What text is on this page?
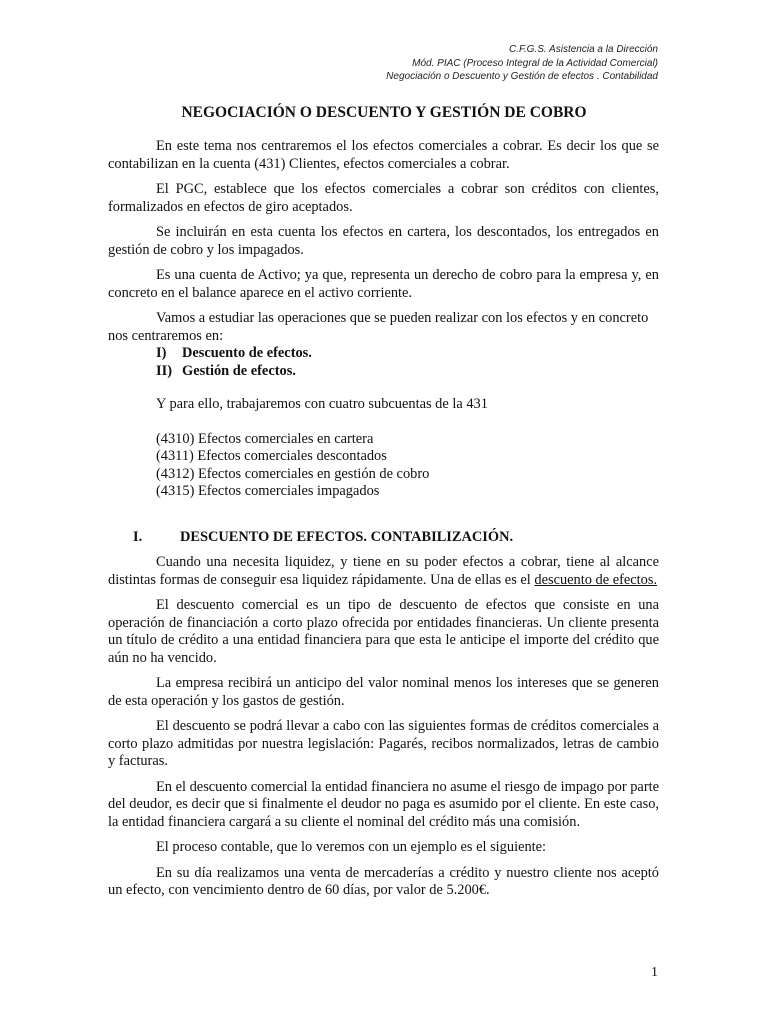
C.F.G.S. Asistencia a la Dirección
Mód. PIAC (Proceso Integral de la Actividad Comercial)
Negociación o Descuento y Gestión de efectos . Contabilidad
NEGOCIACIÓN O DESCUENTO Y GESTIÓN DE COBRO

En este tema nos centraremos el los efectos comerciales a cobrar. Es decir los que se contabilizan en la cuenta (431) Clientes, efectos comerciales a cobrar.

El PGC, establece que los efectos comerciales a cobrar son créditos con clientes, formalizados en efectos de giro aceptados.

Se incluirán en esta cuenta los efectos en cartera, los descontados, los entregados en gestión de cobro y los impagados.

Es una cuenta de Activo; ya que, representa un derecho de cobro para la empresa y, en concreto en el balance aparece en el activo corriente.

Vamos a estudiar las operaciones que se pueden realizar con los efectos y en concreto nos centraremos en:

I) Descuento de efectos.
II) Gestión de efectos.
Y para ello, trabajaremos con cuatro subcuentas de la 431
(4310) Efectos comerciales en cartera
(4311) Efectos comerciales descontados
(4312) Efectos comerciales en gestión de cobro
(4315) Efectos comerciales impagados
I.	DESCUENTO DE EFECTOS. CONTABILIZACIÓN.

Cuando una necesita liquidez, y tiene en su poder efectos a cobrar, tiene al alcance distintas formas de conseguir esa liquidez rápidamente. Una de ellas es el descuento de efectos.

El descuento comercial es un tipo de descuento de efectos que consiste en una operación de financiación a corto plazo ofrecida por entidades financieras. Un cliente presenta un título de crédito a una entidad financiera para que esta le anticipe el importe del crédito que aún no ha vencido.

La empresa recibirá un anticipo del valor nominal menos los intereses que se generen de esta operación y los gastos de gestión.

El descuento se podrá llevar a cabo con las siguientes formas de créditos comerciales a corto plazo admitidas por nuestra legislación: Pagarés, recibos normalizados, letras de cambio y facturas.

En el descuento comercial la entidad financiera no asume el riesgo de impago por parte del deudor, es decir que si finalmente el deudor no paga es asumido por el cliente. En este caso, la entidad financiera cargará a su cliente el nominal del crédito más una comisión.

El proceso contable, que lo veremos con un ejemplo es el siguiente:

En su día realizamos una venta de mercaderías a crédito y nuestro cliente nos aceptó un efecto, con vencimiento dentro de 60 días, por valor de 5.200€.

1
